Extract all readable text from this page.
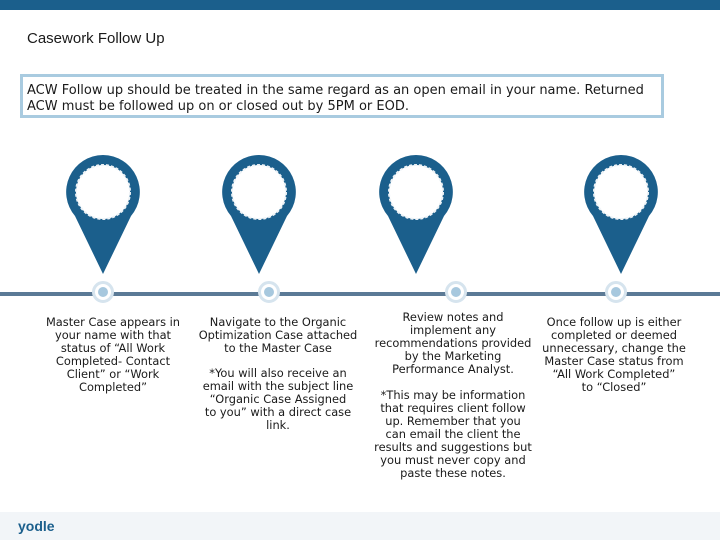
Casework Follow Up
ACW Follow up should be treated in the same regard as an open email in your name. Returned
ACW must be followed up on or closed out by 5PM or EOD.

Master Case appears in

your name with that

status of “All Work

Completed- Contact

Client” or “Work

Completed”

Navigate to the Organic

Optimization Case attached

to the Master Case

*You will also receive an

email with the subject line

“Organic Case Assigned

to you” with a direct case

link.

Review notes and

implement any

recommendations provided

by the Marketing

Performance Analyst.

*This may be information

that requires client follow

up. Remember that you

can email the client the

results and suggestions but

you must never copy and

paste these notes.

Once follow up is either

completed or deemed

unnecessary, change the

Master Case status from

“All Work Completed”

to “Closed”

yodle
